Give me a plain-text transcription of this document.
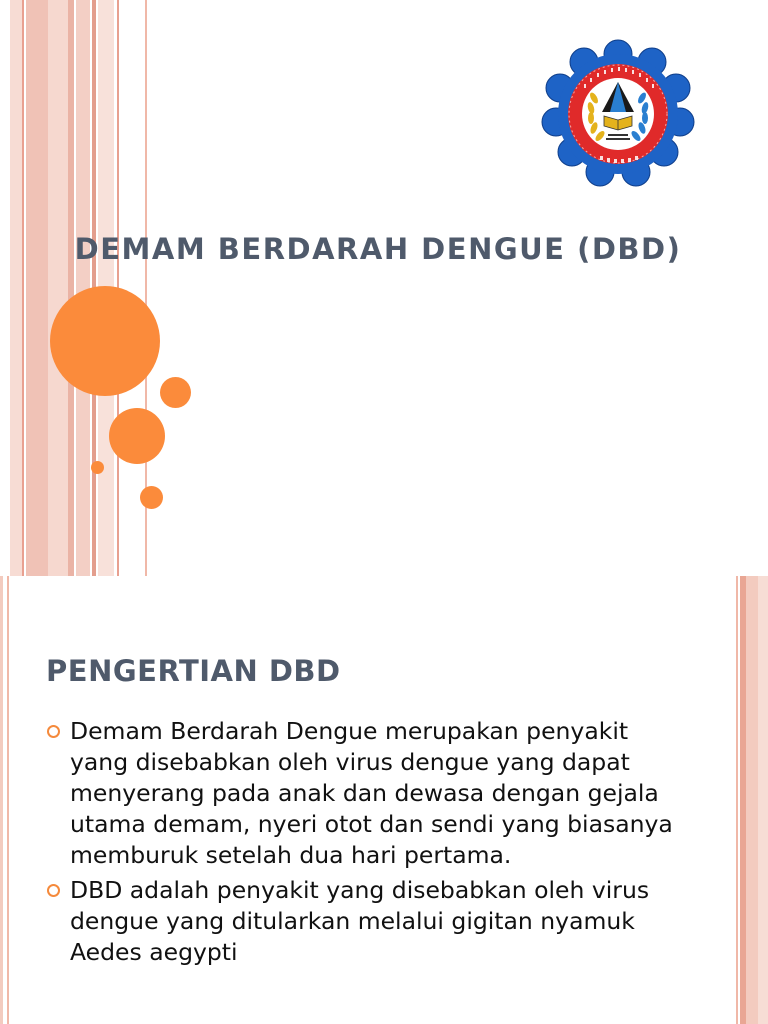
DEMAM BERDARAH DENGUE (DBD)
PENGERTIAN DBD
Demam Berdarah Dengue merupakan penyakit yang disebabkan oleh virus dengue yang dapat menyerang pada anak dan dewasa dengan gejala utama demam, nyeri otot dan sendi yang biasanya memburuk setelah dua hari pertama.
DBD adalah penyakit yang disebabkan oleh virus dengue yang ditularkan melalui gigitan nyamuk Aedes aegypti
